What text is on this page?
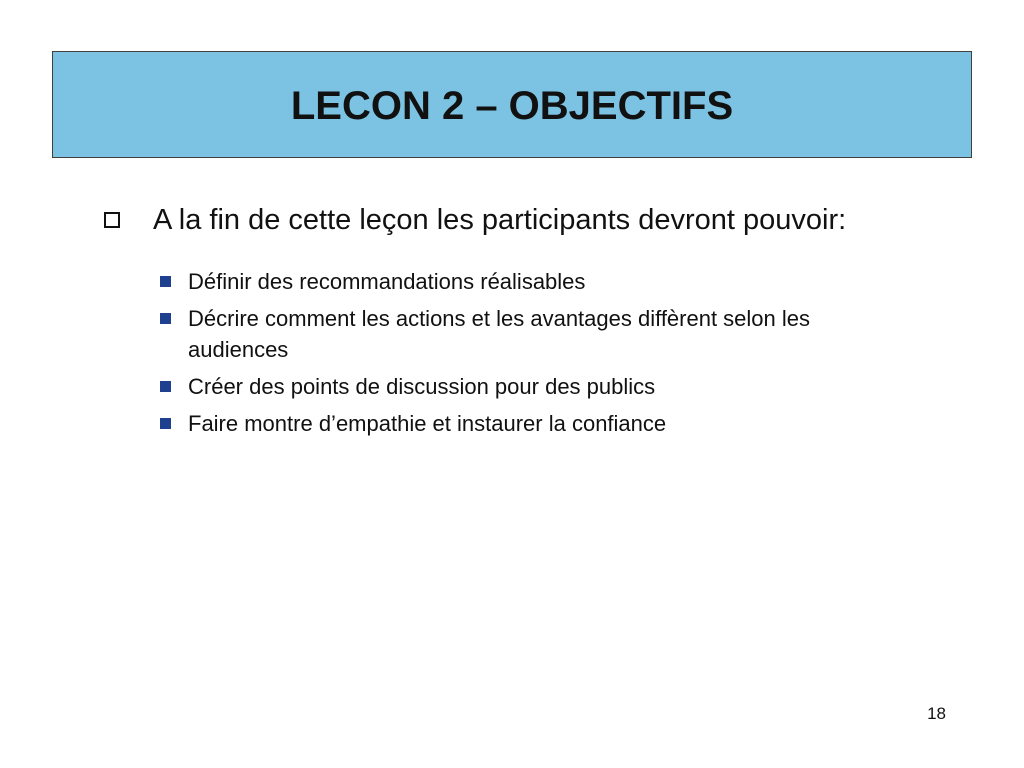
LECON 2 – OBJECTIFS
A la fin de cette leçon les participants devront pouvoir:
Définir des recommandations réalisables
Décrire comment les actions et les avantages diffèrent selon les audiences
Créer des points de discussion pour des publics
Faire montre d’empathie et instaurer la confiance
18
